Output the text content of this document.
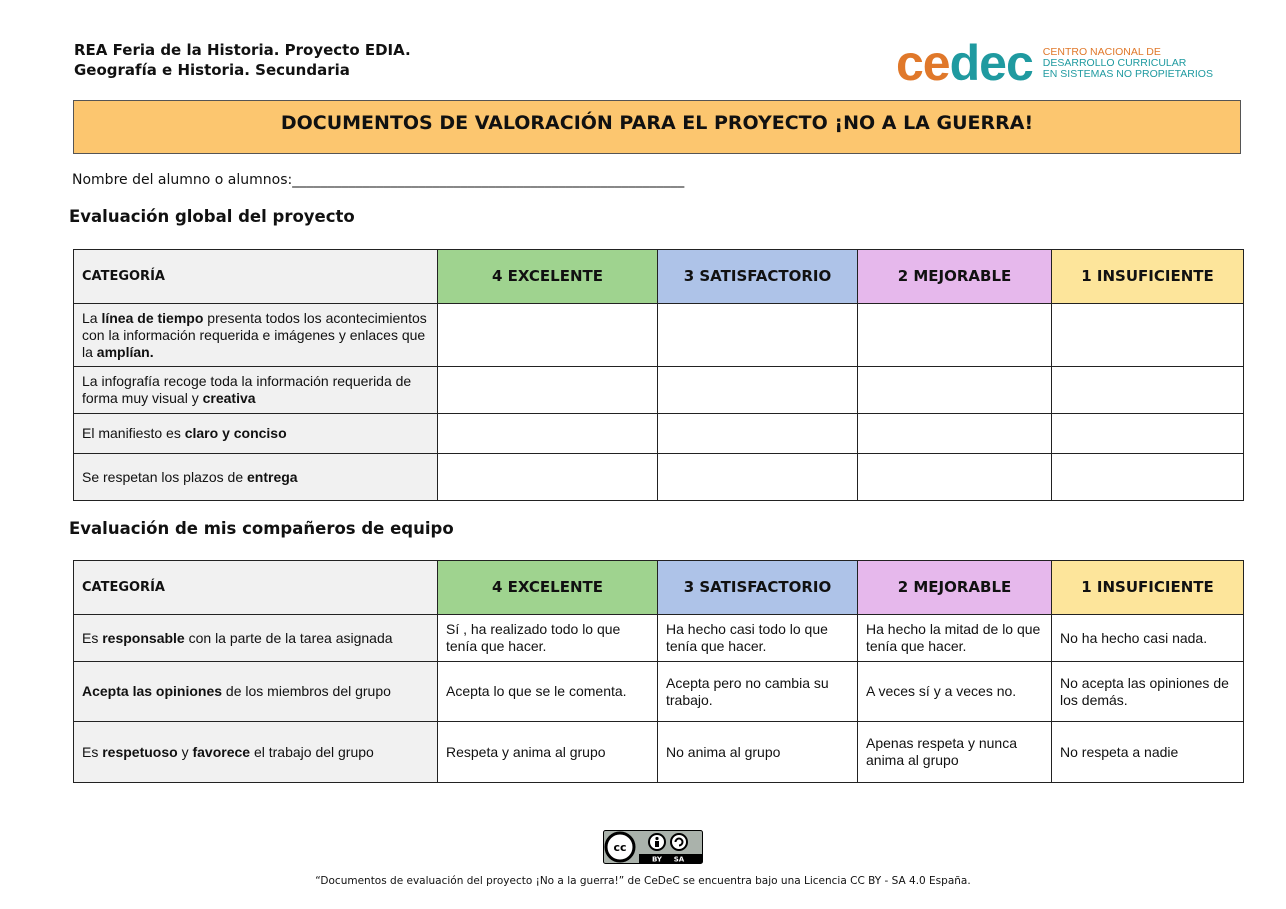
REA Feria de la Historia. Proyecto EDIA.
Geografía e Historia. Secundaria	cedec CENTRO NACIONAL DE
DESARROLLO CURRICULAR
EN SISTEMAS NO PROPIETARIOS
DOCUMENTOS DE VALORACIÓN PARA EL PROYECTO ¡NO A LA GUERRA!
Nombre del alumno o alumnos:________________________________________________________
Evaluación global del proyecto
CATEGORÍA	4 EXCELENTE	3 SATISFACTORIO	2 MEJORABLE	1 INSUFICIENTE
La línea de tiempo presenta todos los acontecimientos con la información requerida e imágenes y enlaces que la amplían.				
La infografía recoge toda la información requerida de forma muy visual y creativa				
El manifiesto es claro y conciso				
Se respetan los plazos de entrega				
Evaluación de mis compañeros de equipo
CATEGORÍA	4 EXCELENTE	3 SATISFACTORIO	2 MEJORABLE	1 INSUFICIENTE
Es responsable con la parte de la tarea asignada	Sí , ha realizado todo lo que tenía que hacer.	Ha hecho casi todo lo que tenía que hacer.	Ha hecho la mitad de lo que tenía que hacer.	No ha hecho casi nada.
Acepta las opiniones de los miembros del grupo	Acepta lo que se le comenta.	Acepta pero no cambia su trabajo.	A veces sí y a veces no.	No acepta las opiniones de los demás.
Es respetuoso y favorece el trabajo del grupo	Respeta y anima al grupo	No anima al grupo	Apenas respeta y nunca anima al grupo	No respeta a nadie
cc
BY SA
“Documentos de evaluación del proyecto ¡No a la guerra!” de CeDeC se encuentra bajo una Licencia CC BY - SA 4.0 España.
